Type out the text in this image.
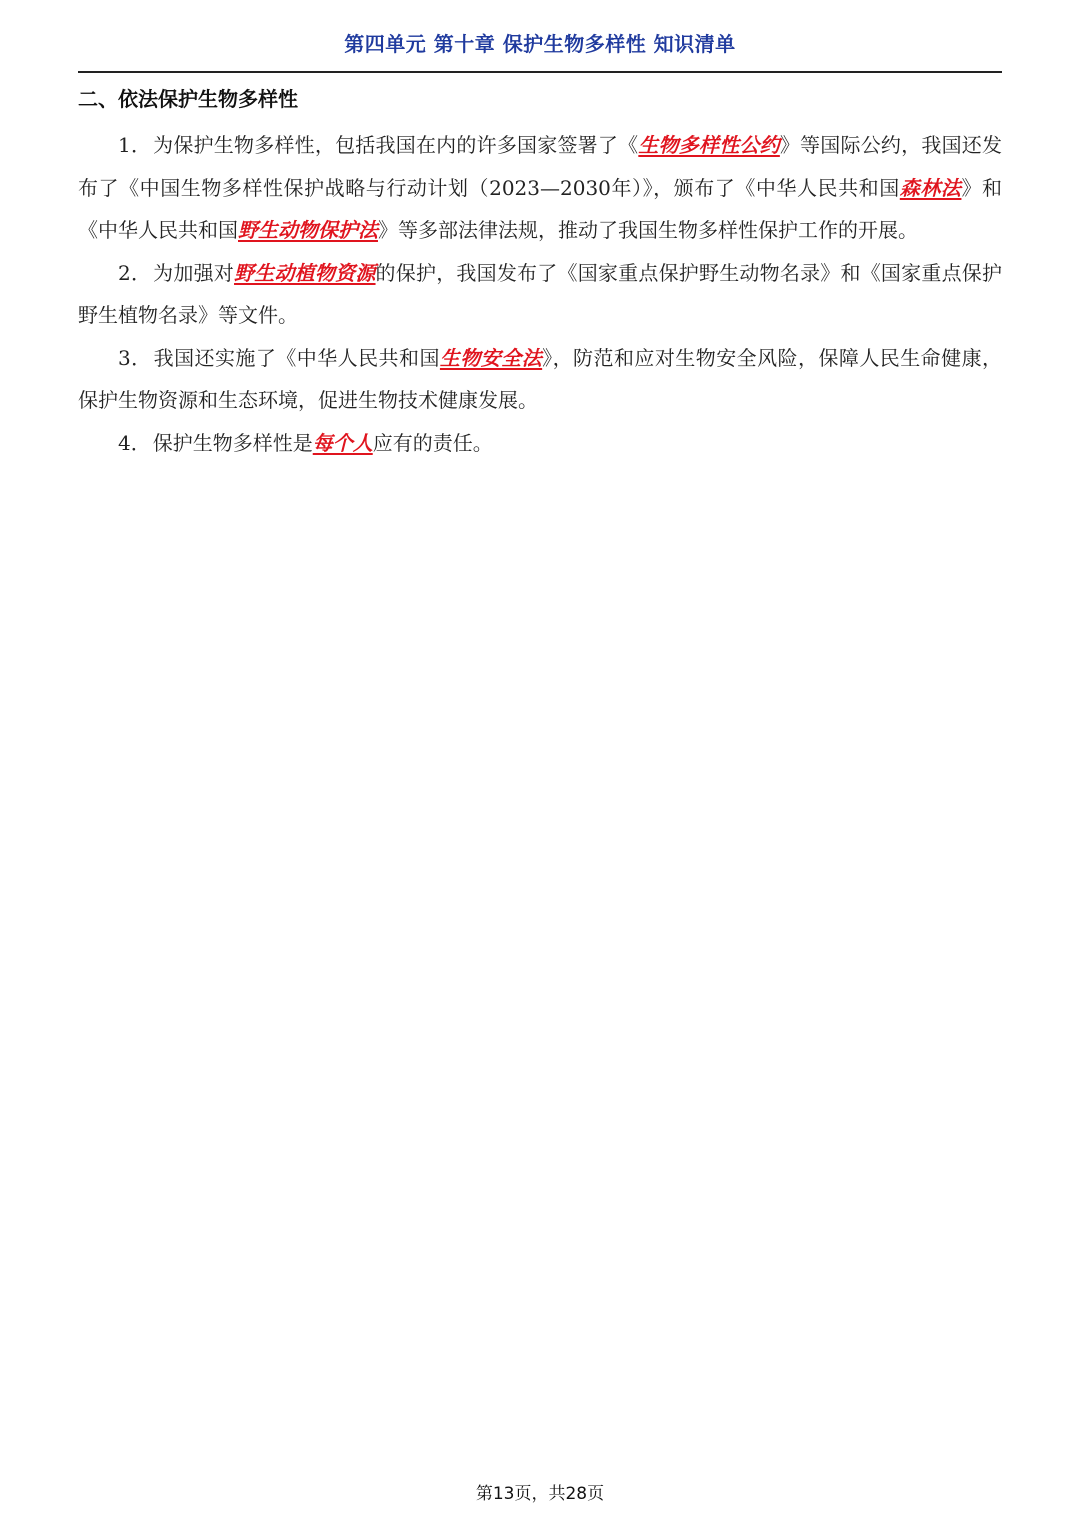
第四单元 第十章 保护生物多样性 知识清单
二、依法保护生物多样性

1． 为保护生物多样性，包括我国在内的许多国家签署了《生物多样性公约》等国际公约，我国还发布了《中国生物多样性保护战略与行动计划（2023—2030年）》，颁布了《中华人民共和国森林法》和《中华人民共和国野生动物保护法》等多部法律法规，推动了我国生物多样性保护工作的开展。

2． 为加强对野生动植物资源的保护，我国发布了《国家重点保护野生动物名录》和《国家重点保护野生植物名录》等文件。

3． 我国还实施了《中华人民共和国生物安全法》，防范和应对生物安全风险，保障人民生命健康，保护生物资源和生态环境，促进生物技术健康发展。

4． 保护生物多样性是每个人应有的责任。

第13页，共28页
